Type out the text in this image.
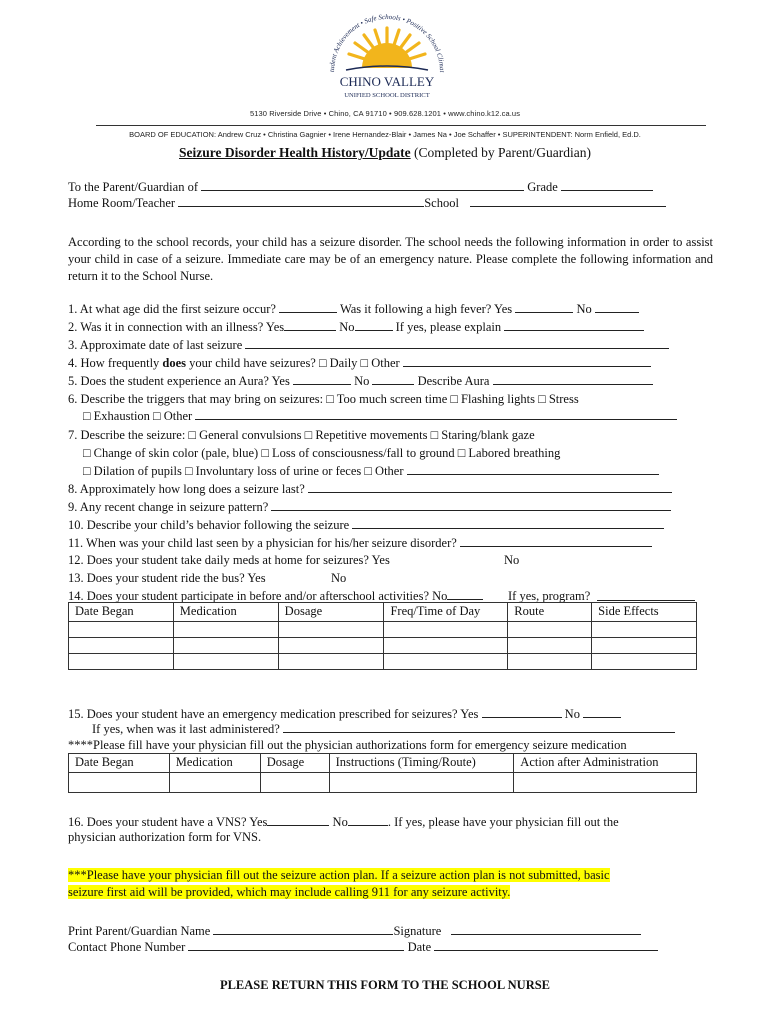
tudent Achievement • Safe Schools • Positive School Climat
CHINO VALLEY
UNIFIED SCHOOL DISTRICT
5130 Riverside Drive • Chino, CA 91710 • 909.628.1201 • www.chino.k12.ca.us
BOARD OF EDUCATION: Andrew Cruz • Christina Gagnier • Irene Hernandez-Blair • James Na • Joe Schaffer • SUPERINTENDENT: Norm Enfield, Ed.D.
Seizure Disorder Health History/Update (Completed by Parent/Guardian)
To the Parent/Guardian of	Grade
Home Room/Teacher	School
According to the school records, your child has a seizure disorder. The school needs the following information in order to assist your child in case of a seizure. Immediate care may be of an emergency nature. Please complete the following information and return it to the School Nurse.
1. At what age did the first seizure occur?	Was it following a high fever? Yes	No
2. Was it in connection with an illness? Yes	No	If yes, please explain
3. Approximate date of last seizure
4. How frequently does your child have seizures? □ Daily □ Other
5. Does the student experience an Aura? Yes	No	Describe Aura
6. Describe the triggers that may bring on seizures: □ Too much screen time □ Flashing lights □ Stress
□ Exhaustion □ Other
7. Describe the seizure: □ General convulsions □ Repetitive movements □ Staring/blank gaze
□ Change of skin color (pale, blue) □ Loss of consciousness/fall to ground □ Labored breathing
□ Dilation of pupils □ Involuntary loss of urine or feces □ Other
8. Approximately how long does a seizure last?
9. Any recent change in seizure pattern?
10. Describe your child’s behavior following the seizure
11. When was your child last seen by a physician for his/her seizure disorder?
12. Does your student take daily meds at home for seizures? Yes	No
13. Does your student ride the bus? Yes	No
14. Does your student participate in before and/or afterschool activities? No	If yes, program?
Date Began	Medication	Dosage	Freq/Time of Day	Route	Side Effects

15. Does your student have an emergency medication prescribed for seizures? Yes	No
If yes, when was it last administered?
****Please fill have your physician fill out the physician authorizations form for emergency seizure medication
Date Began	Medication	Dosage	Instructions (Timing/Route)	Action after Administration

16. Does your student have a VNS? Yes	No	. If yes, please have your physician fill out the
physician authorization form for VNS.
***Please have your physician fill out the seizure action plan. If a seizure action plan is not submitted, basic
seizure first aid will be provided, which may include calling 911 for any seizure activity.
Print Parent/Guardian Name	Signature
Contact Phone Number	Date
PLEASE RETURN THIS FORM TO THE SCHOOL NURSE
